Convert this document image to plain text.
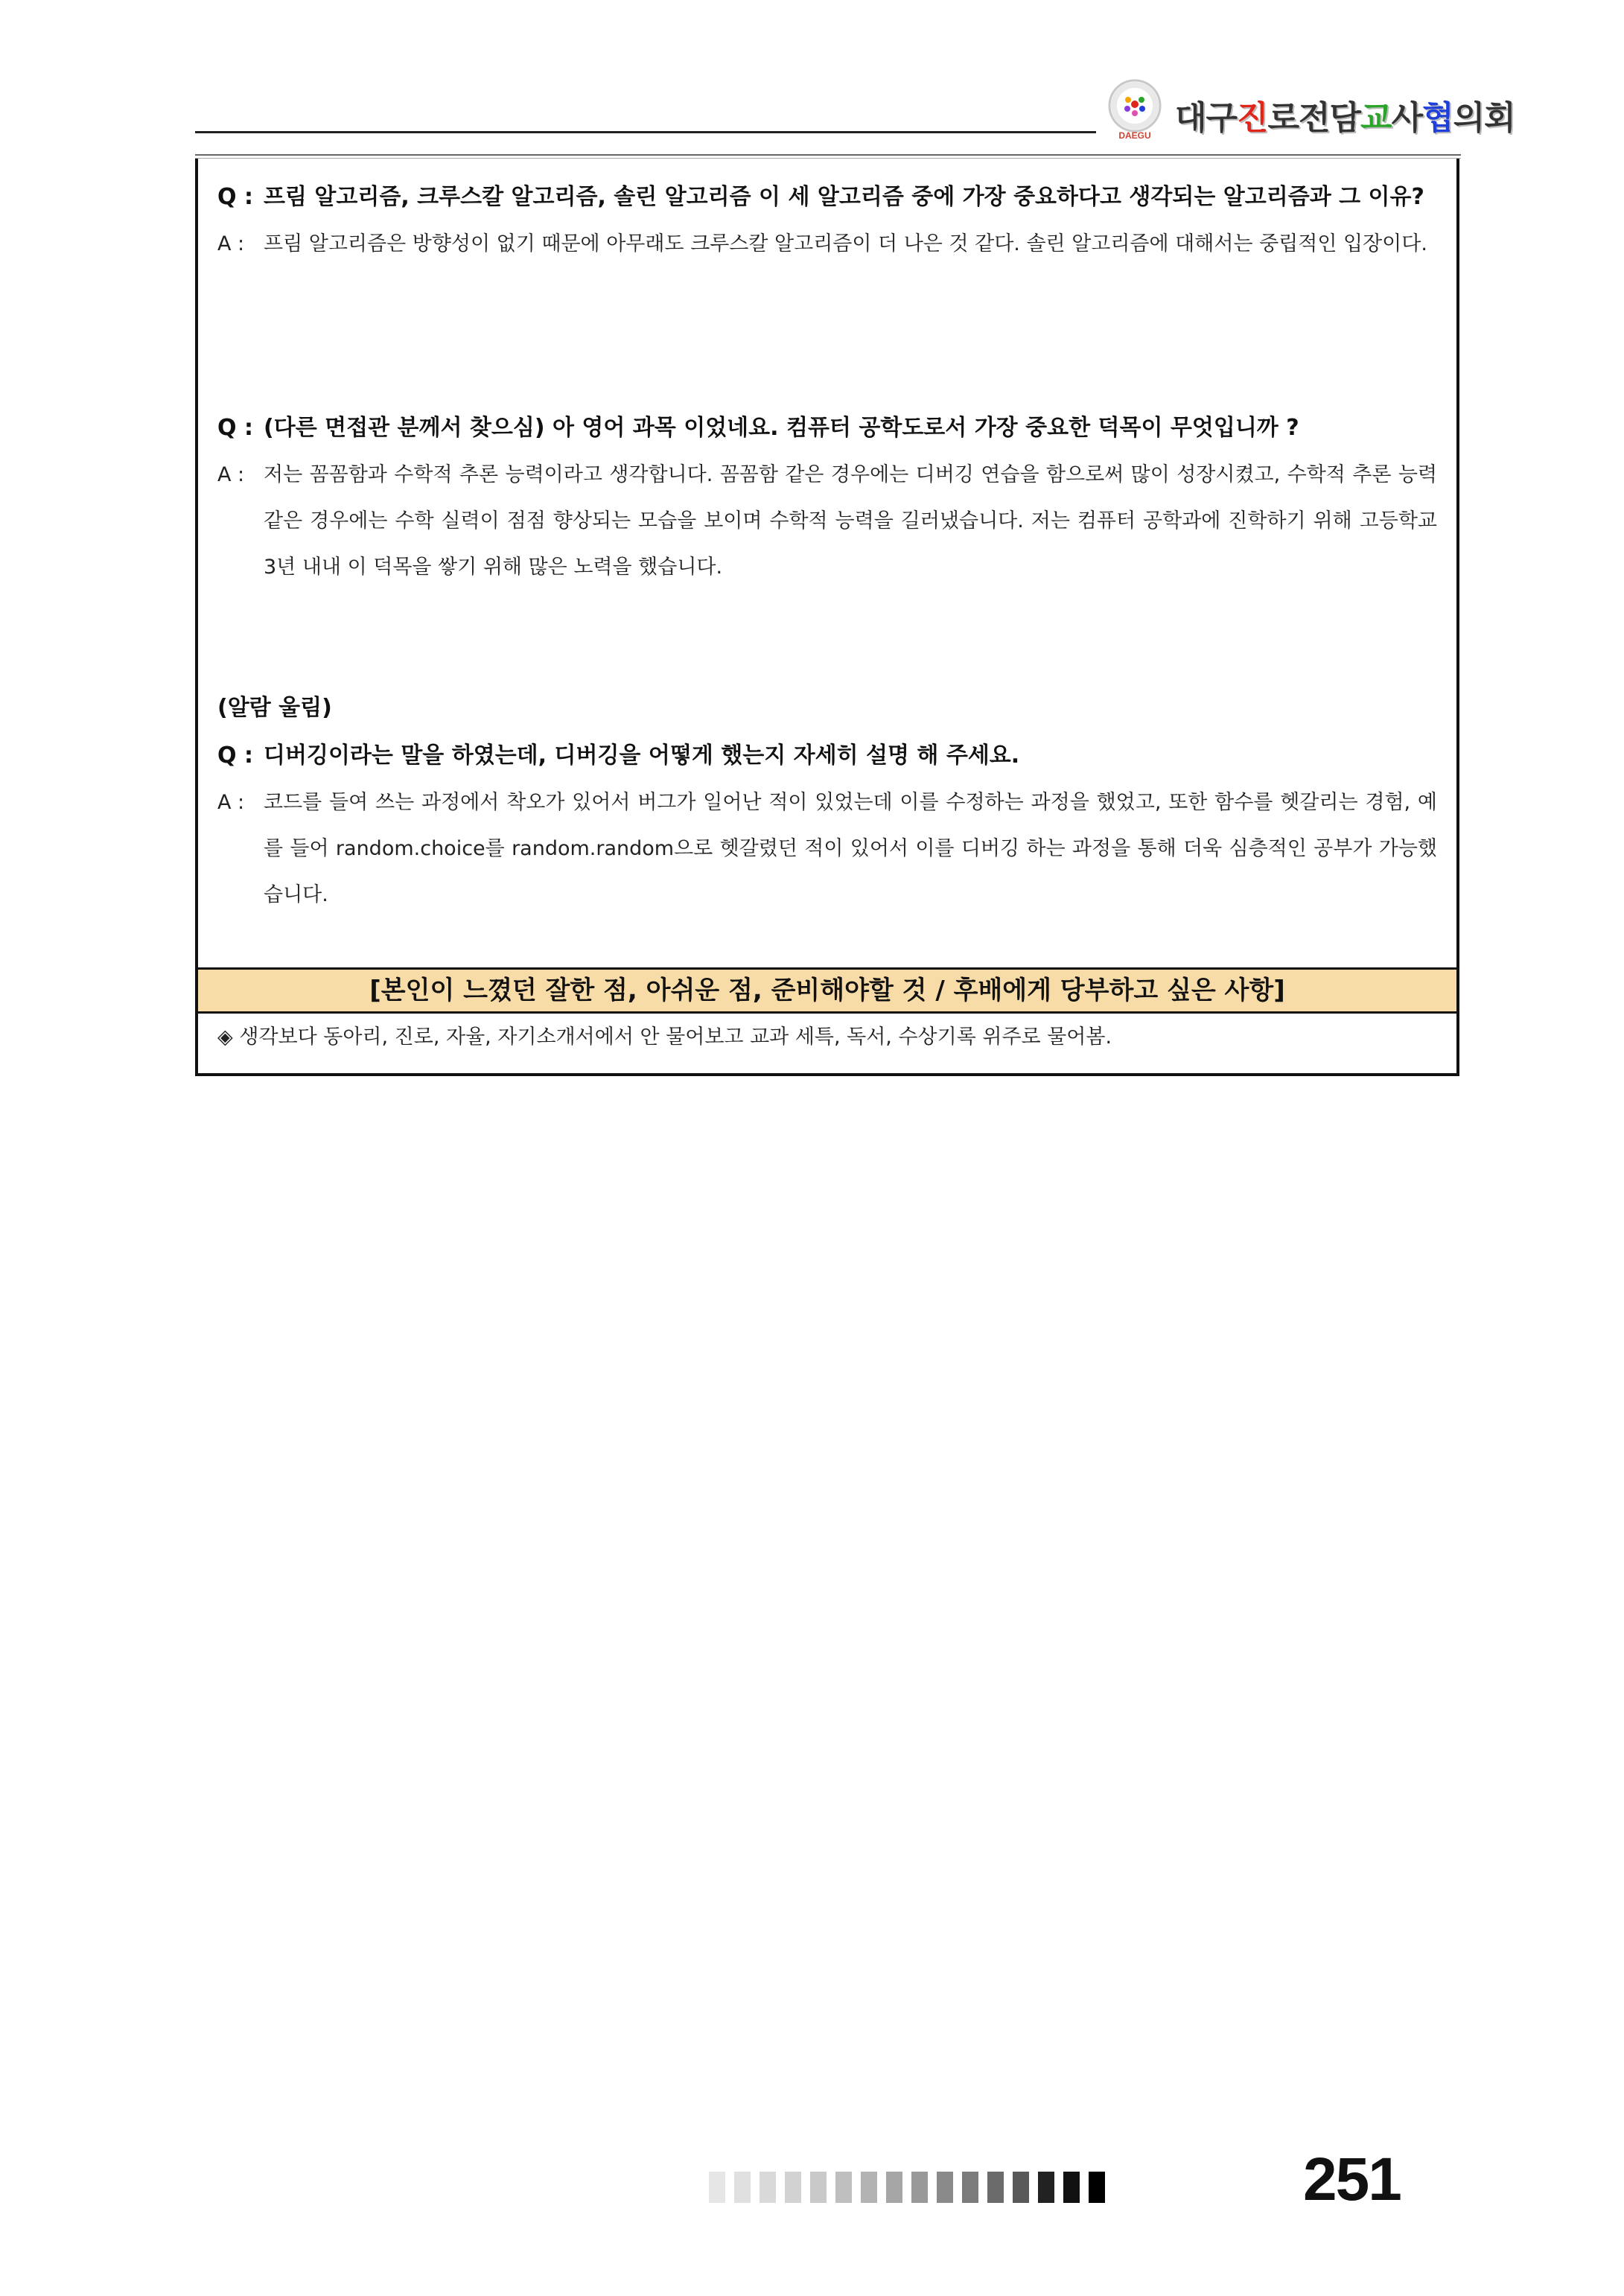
DAEGU 대구진로전담교사협의회
Q : 프림 알고리즘, 크루스칼 알고리즘, 솔린 알고리즘 이 세 알고리즘 중에 가장 중요하다고 생각되는 알고리즘과 그 이유?
A : 프림 알고리즘은 방향성이 없기 때문에 아무래도 크루스칼 알고리즘이 더 나은 것 같다. 솔린 알고리즘에 대해서는 중립적인 입장이다.
Q : (다른 면접관 분께서 찾으심) 아 영어 과목 이었네요. 컴퓨터 공학도로서 가장 중요한 덕목이 무엇입니까 ?
A : 저는 꼼꼼함과 수학적 추론 능력이라고 생각합니다. 꼼꼼함 같은 경우에는 디버깅 연습을 함으로써 많이 성장시켰고, 수학적 추론 능력 같은 경우에는 수학 실력이 점점 향상되는 모습을 보이며 수학적 능력을 길러냈습니다. 저는 컴퓨터 공학과에 진학하기 위해 고등학교 3년 내내 이 덕목을 쌓기 위해 많은 노력을 했습니다.
(알람 울림)
Q : 디버깅이라는 말을 하였는데, 디버깅을 어떻게 했는지 자세히 설명 해 주세요.
A : 코드를 들여 쓰는 과정에서 착오가 있어서 버그가 일어난 적이 있었는데 이를 수정하는 과정을 했었고, 또한 함수를 헷갈리는 경험, 예를 들어 random.choice를 random.random으로 헷갈렸던 적이 있어서 이를 디버깅 하는 과정을 통해 더욱 심층적인 공부가 가능했습니다.
[본인이 느꼈던 잘한 점, 아쉬운 점, 준비해야할 것 / 후배에게 당부하고 싶은 사항]
◈ 생각보다 동아리, 진로, 자율, 자기소개서에서 안 물어보고 교과 세특, 독서, 수상기록 위주로 물어봄.
251
